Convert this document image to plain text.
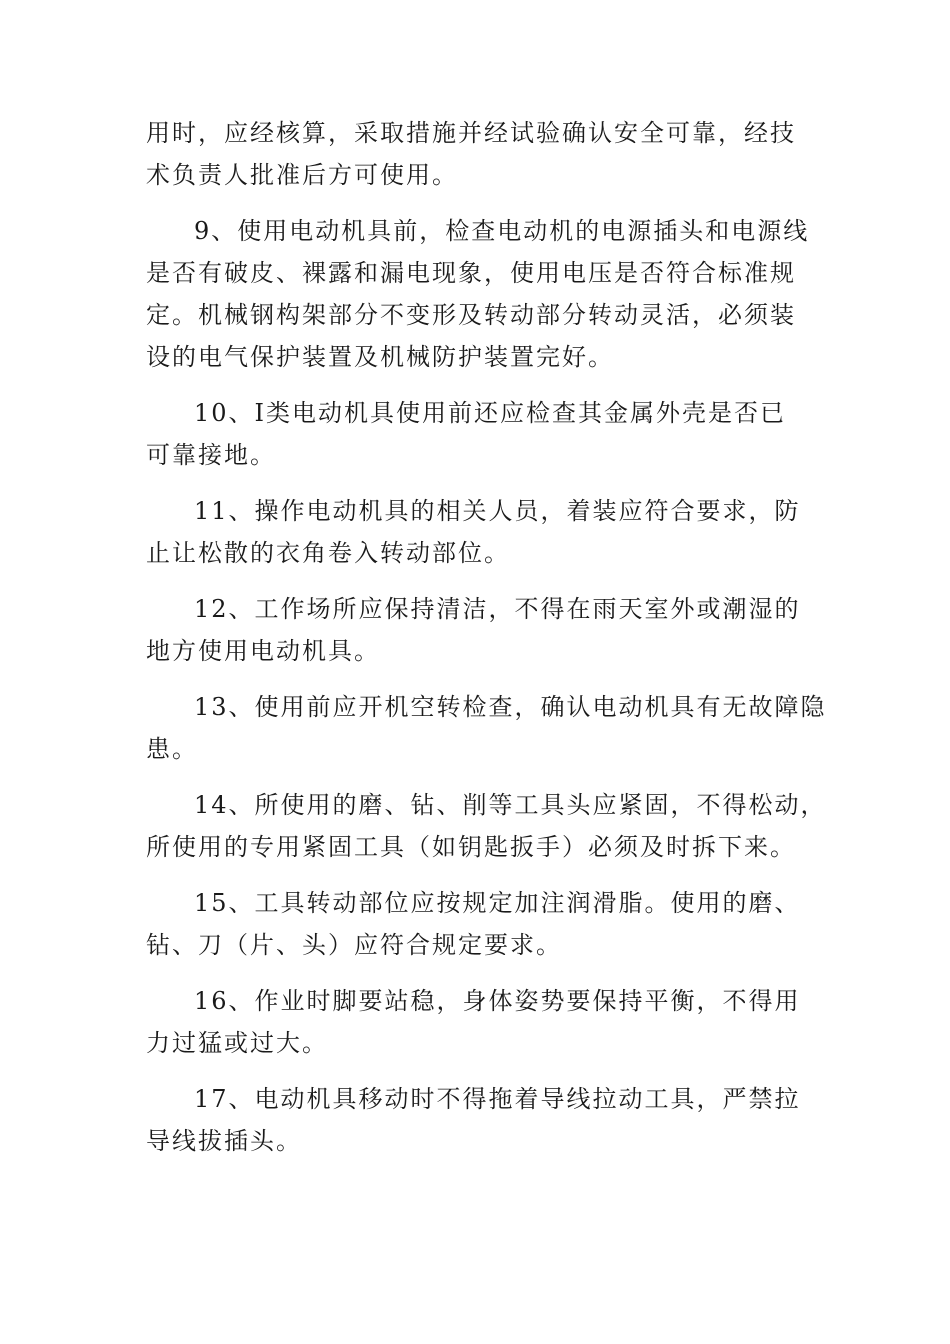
用时，应经核算，采取措施并经试验确认安全可靠，经技
术负责人批准后方可使用。

9、使用电动机具前，检查电动机的电源插头和电源线
是否有破皮、裸露和漏电现象，使用电压是否符合标准规
定。机械钢构架部分不变形及转动部分转动灵活，必须装
设的电气保护装置及机械防护装置完好。

10、Ⅰ类电动机具使用前还应检查其金属外壳是否已
可靠接地。

11、操作电动机具的相关人员，着装应符合要求，防
止让松散的衣角卷入转动部位。

12、工作场所应保持清洁，不得在雨天室外或潮湿的
地方使用电动机具。

13、使用前应开机空转检查，确认电动机具有无故障隐
患。

14、所使用的磨、钻、削等工具头应紧固，不得松动，
所使用的专用紧固工具（如钥匙扳手）必须及时拆下来。

15、工具转动部位应按规定加注润滑脂。使用的磨、
钻、刀（片、头）应符合规定要求。

16、作业时脚要站稳，身体姿势要保持平衡，不得用
力过猛或过大。

17、电动机具移动时不得拖着导线拉动工具，严禁拉
导线拔插头。
